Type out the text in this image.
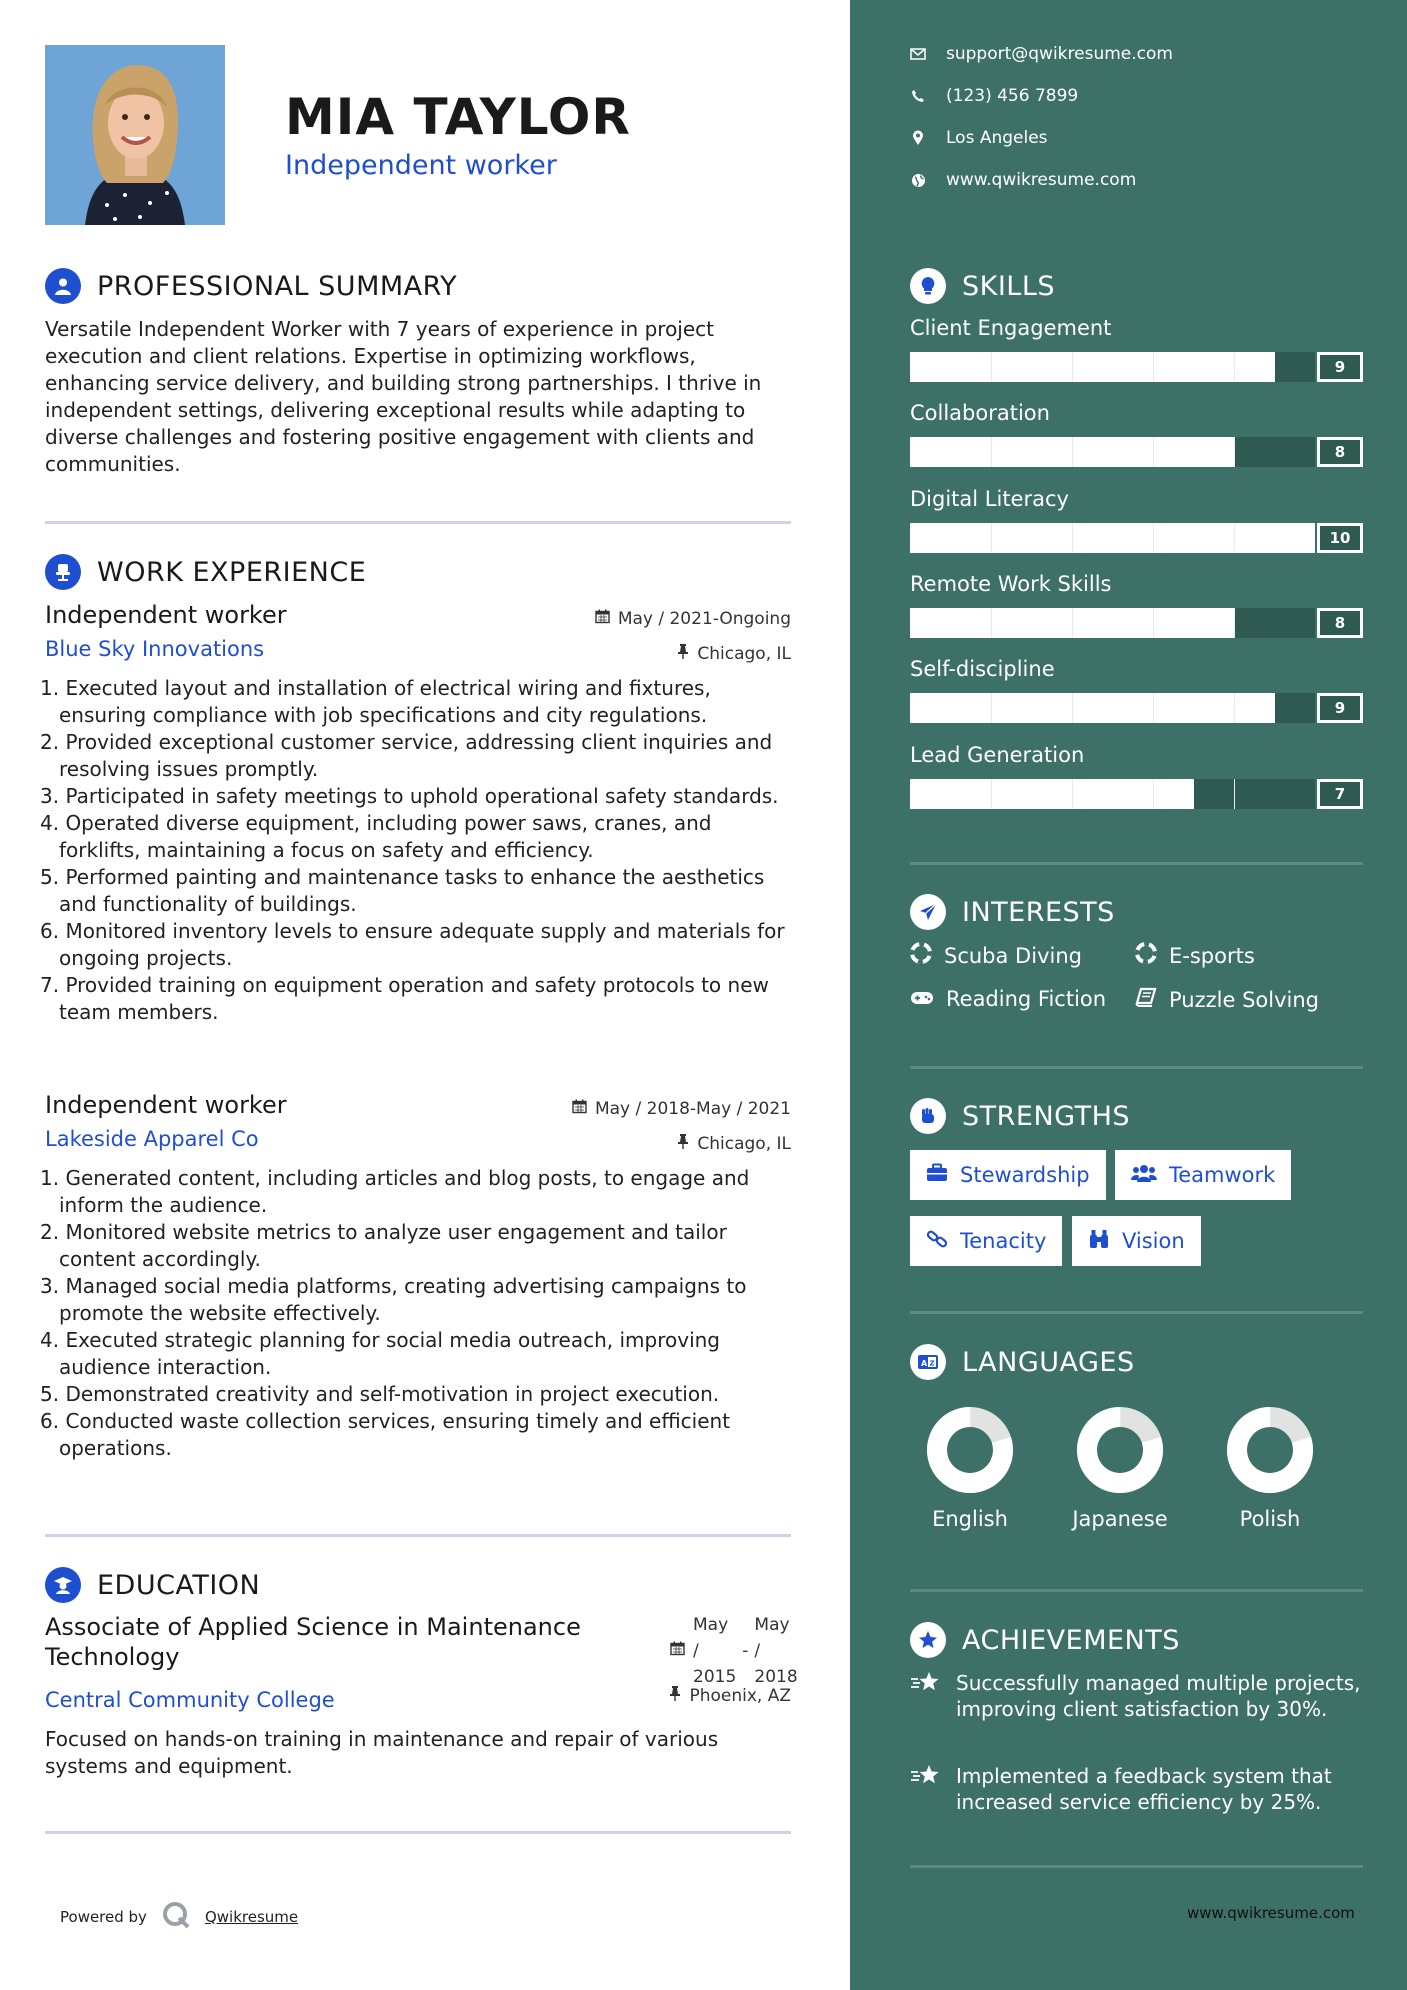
MIA TAYLOR
Independent worker
PROFESSIONAL SUMMARY
Versatile Independent Worker with 7 years of experience in project execution and client relations. Expertise in optimizing workflows, enhancing service delivery, and building strong partnerships. I thrive in independent settings, delivering exceptional results while adapting to diverse challenges and fostering positive engagement with clients and communities.
WORK EXPERIENCE
Independent worker	May / 2021-Ongoing
Blue Sky Innovations	Chicago, IL
1. Executed layout and installation of electrical wiring and fixtures, ensuring compliance with job specifications and city regulations.
2. Provided exceptional customer service, addressing client inquiries and resolving issues promptly.
3. Participated in safety meetings to uphold operational safety standards.
4. Operated diverse equipment, including power saws, cranes, and forklifts, maintaining a focus on safety and efficiency.
5. Performed painting and maintenance tasks to enhance the aesthetics and functionality of buildings.
6. Monitored inventory levels to ensure adequate supply and materials for ongoing projects.
7. Provided training on equipment operation and safety protocols to new team members.
Independent worker	May / 2018-May / 2021
Lakeside Apparel Co	Chicago, IL
1. Generated content, including articles and blog posts, to engage and inform the audience.
2. Monitored website metrics to analyze user engagement and tailor content accordingly.
3. Managed social media platforms, creating advertising campaigns to promote the website effectively.
4. Executed strategic planning for social media outreach, improving audience interaction.
5. Demonstrated creativity and self-motivation in project execution.
6. Conducted waste collection services, ensuring timely and efficient operations.
EDUCATION
Associate of Applied Science in Maintenance Technology
May /
2015
-
May /
2018
Central Community College	Phoenix, AZ
Focused on hands-on training in maintenance and repair of various systems and equipment.
Powered by	Qwikresume
support@qwikresume.com
(123) 456 7899
Los Angeles
www.qwikresume.com
SKILLS
Client Engagement
9
Collaboration
8
Digital Literacy
10
Remote Work Skills
8
Self-discipline
9
Lead Generation
7
INTERESTS
Scuba Diving	E-sports
Reading Fiction	Puzzle Solving
STRENGTHS
Stewardship	Teamwork
Tenacity	Vision
A Z LANGUAGES
English	Japanese	Polish
ACHIEVEMENTS
Successfully managed multiple projects, improving client satisfaction by 30%.
Implemented a feedback system that increased service efficiency by 25%.
www.qwikresume.com
